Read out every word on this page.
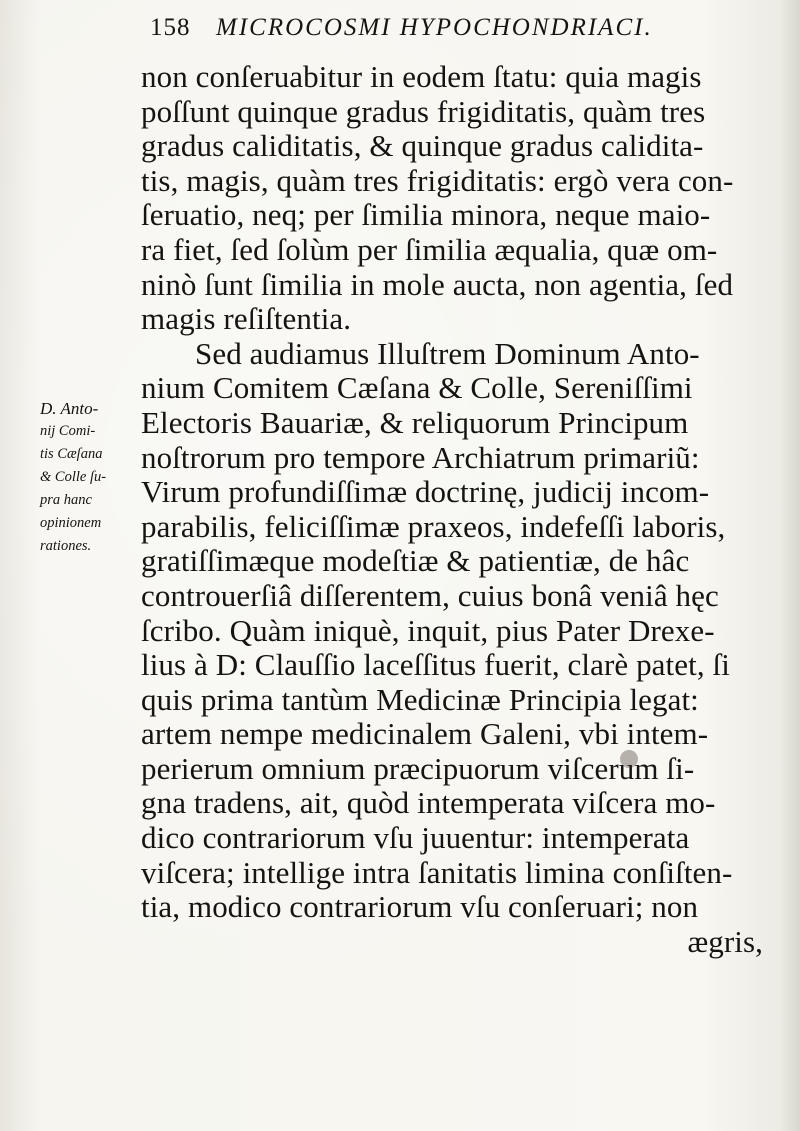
158 MICROCOSMI HYPOCHONDRIACI.
D. Anto-
nij Comi-
tis Cæſana
& Colle ſu-
pra hanc
opinionem
rationes.
non conſeruabitur in eodem ſtatu: quia magis
poſſunt quinque gradus frigiditatis, quàm tres
gradus caliditatis, & quinque gradus calidita-
tis, magis, quàm tres frigiditatis: ergò vera con-
ſeruatio, neq; per ſimilia minora, neque maio-
ra fiet, ſed ſolùm per ſimilia æqualia, quæ om-
ninò ſunt ſimilia in mole aucta, non agentia, ſed
magis reſiſtentia.
Sed audiamus Illuſtrem Dominum Anto-
nium Comitem Cæſana & Colle, Sereniſſimi
Electoris Bauariæ, & reliquorum Principum
noſtrorum pro tempore Archiatrum primariũ:
Virum profundiſſimæ doctrinę, judicij incom-
parabilis, feliciſſimæ praxeos, indefeſſi laboris,
gratiſſimæque modeſtiæ & patientiæ, de hâc
controuerſiâ diſſerentem, cuius bonâ veniâ hęc
ſcribo. Quàm iniquè, inquit, pius Pater Drexe-
lius à D: Clauſſio laceſſitus fuerit, clarè patet, ſi
quis prima tantùm Medicinæ Principia legat:
artem nempe medicinalem Galeni, vbi intem-
perierum omnium præcipuorum viſcerum ſi-
gna tradens, ait, quòd intemperata viſcera mo-
dico contrariorum vſu juuentur: intemperata
viſcera; intellige intra ſanitatis limina conſiſten-
tia, modico contrariorum vſu conſeruari; non
ægris,
